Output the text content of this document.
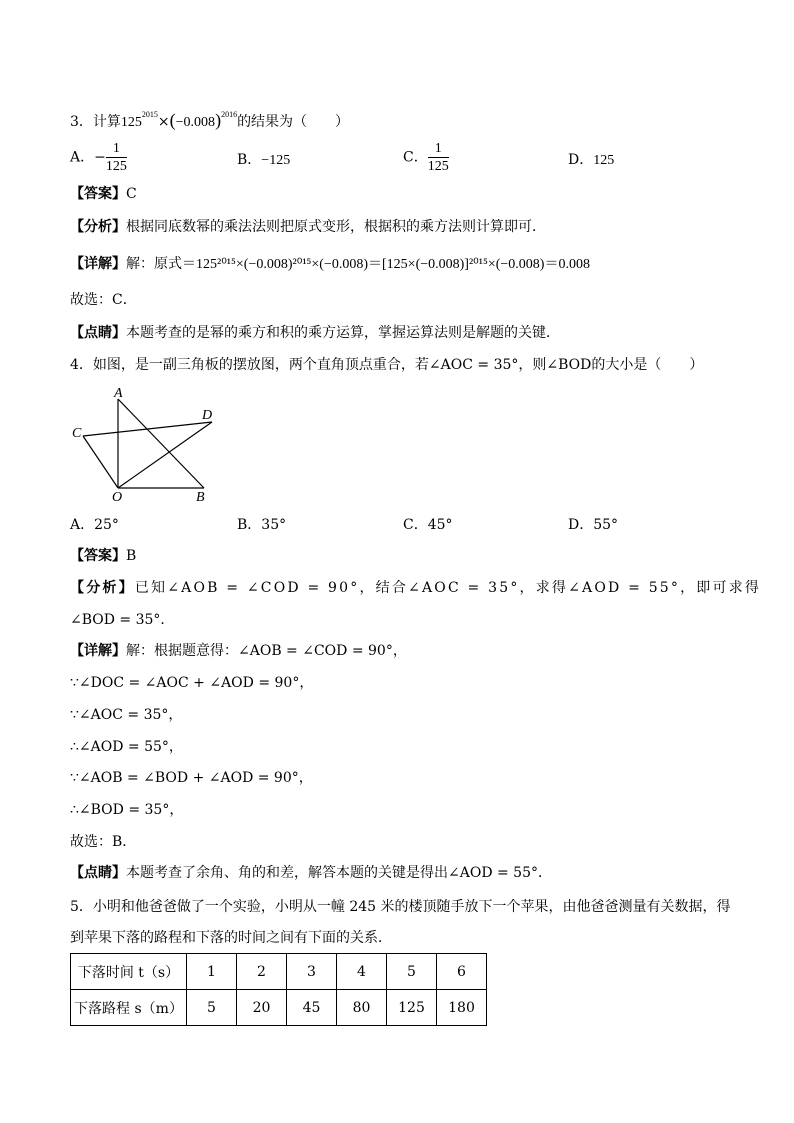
3．计算$125^{2015}\times(-0.008)^{2016}$的结果为（　　）
A．− $\frac{1}{125}$	B．−125	C． $\frac{1}{125}$	D．125
【答案】C
【分析】根据同底数幂的乘法法则把原式变形，根据积的乘方法则计算即可．
【详解】解：原式＝125²⁰¹⁵×(−0.008)²⁰¹⁵×(−0.008)＝[125×(−0.008)]²⁰¹⁵×(−0.008)＝0.008
故选：C．
【点睛】本题考查的是幂的乘方和积的乘方运算，掌握运算法则是解题的关键．
4．如图，是一副三角板的摆放图，两个直角顶点重合，若∠AOC = 35°，则∠BOD的大小是（　　）
A
D
C
O	B
A．25°	B．35°	C．45°	D．55°
【答案】B
【分析】已知∠AOB = ∠COD = 90°，结合∠AOC = 35°，求得∠AOD = 55°，即可求得
∠BOD = 35°．
【详解】解：根据题意得：∠AOB = ∠COD = 90°，
∵∠DOC = ∠AOC + ∠AOD = 90°，
∵∠AOC = 35°，
∴∠AOD = 55°，
∵∠AOB = ∠BOD + ∠AOD = 90°，
∴∠BOD = 35°，
故选：B．
【点睛】本题考查了余角、角的和差，解答本题的关键是得出∠AOD = 55°．
5．小明和他爸爸做了一个实验，小明从一幢 245 米的楼顶随手放下一个苹果，由他爸爸测量有关数据，得
到苹果下落的路程和下落的时间之间有下面的关系．
下落时间 t（s）	1	2	3	4	5	6
下落路程 s（m）	5	20	45	80	125	180
